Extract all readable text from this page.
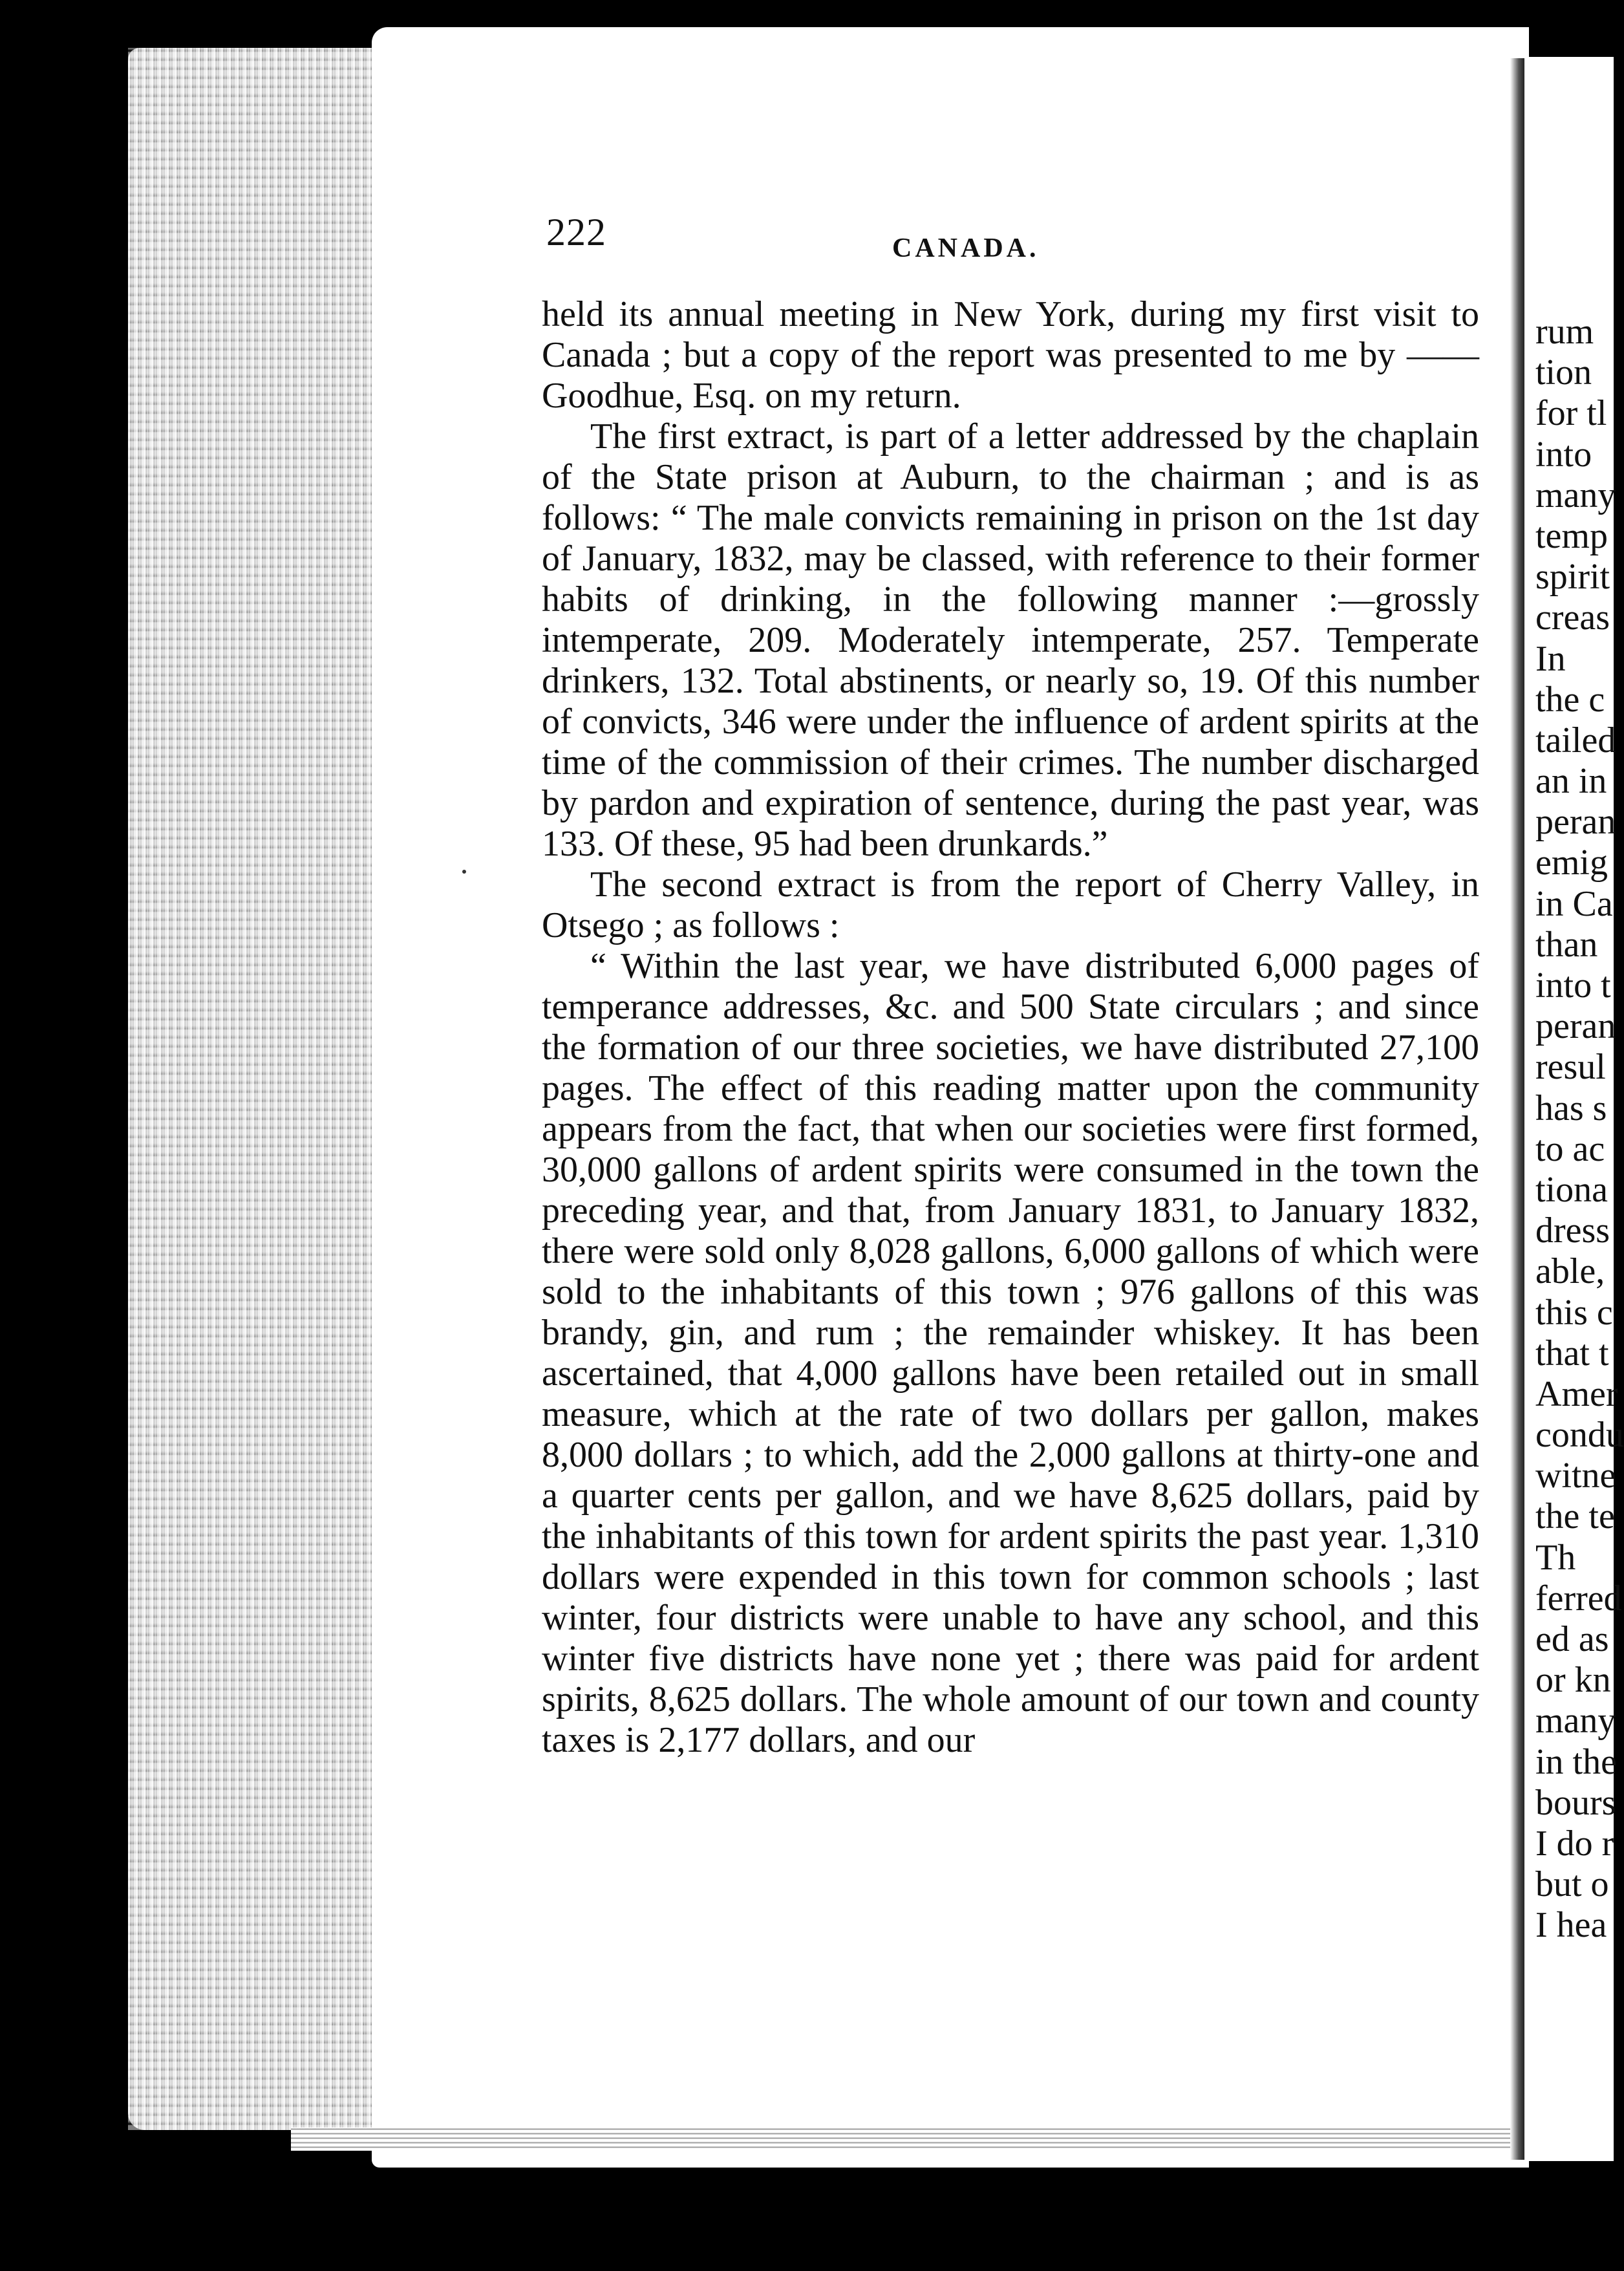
222	CANADA.

held its annual meeting in New York, during my first visit to Canada ; but a copy of the report was presented to me by —— Goodhue, Esq. on my return.

The first extract, is part of a letter addressed by the chaplain of the State prison at Auburn, to the chairman ; and is as follows: “ The male convicts remaining in prison on the 1st day of January, 1832, may be classed, with reference to their former habits of drinking, in the following manner :—grossly intemperate, 209. Moderately intemperate, 257. Temperate drinkers, 132. Total abstinents, or nearly so, 19. Of this number of convicts, 346 were under the influence of ardent spirits at the time of the commission of their crimes. The number discharged by pardon and expiration of sentence, during the past year, was 133. Of these, 95 had been drunkards.”

The second extract is from the report of Cherry Valley, in Otsego ; as follows :

“ Within the last year, we have distributed 6,000 pages of temperance addresses, &c. and 500 State circulars ; and since the formation of our three societies, we have distributed 27,100 pages. The effect of this reading matter upon the community appears from the fact, that when our societies were first formed, 30,000 gallons of ardent spirits were consumed in the town the preceding year, and that, from January 1831, to January 1832, there were sold only 8,028 gallons, 6,000 gallons of which were sold to the inhabitants of this town ; 976 gallons of this was brandy, gin, and rum ; the remainder whiskey. It has been ascertained, that 4,000 gallons have been retailed out in small measure, which at the rate of two dollars per gallon, makes 8,000 dollars ; to which, add the 2,000 gallons at thirty-one and a quarter cents per gallon, and we have 8,625 dollars, paid by the inhabitants of this town for ardent spirits the past year. 1,310 dollars were expended in this town for common schools ; last winter, four districts were unable to have any school, and this winter five districts have none yet ; there was paid for ardent spirits, 8,625 dollars. The whole amount of our town and county taxes is 2,177 dollars, and our

rum
tion
for tl
into
many
temp
spirit
creas
In
the c
tailed
an in
peran
emig
in Ca
than
into t
peran
resul
has s
to ac
tiona
dress
able,
this c
that t
Amer
condu
witne
the te
Th
ferred
ed as
or kn
many
in the
bours
I do r
but o
I hea
